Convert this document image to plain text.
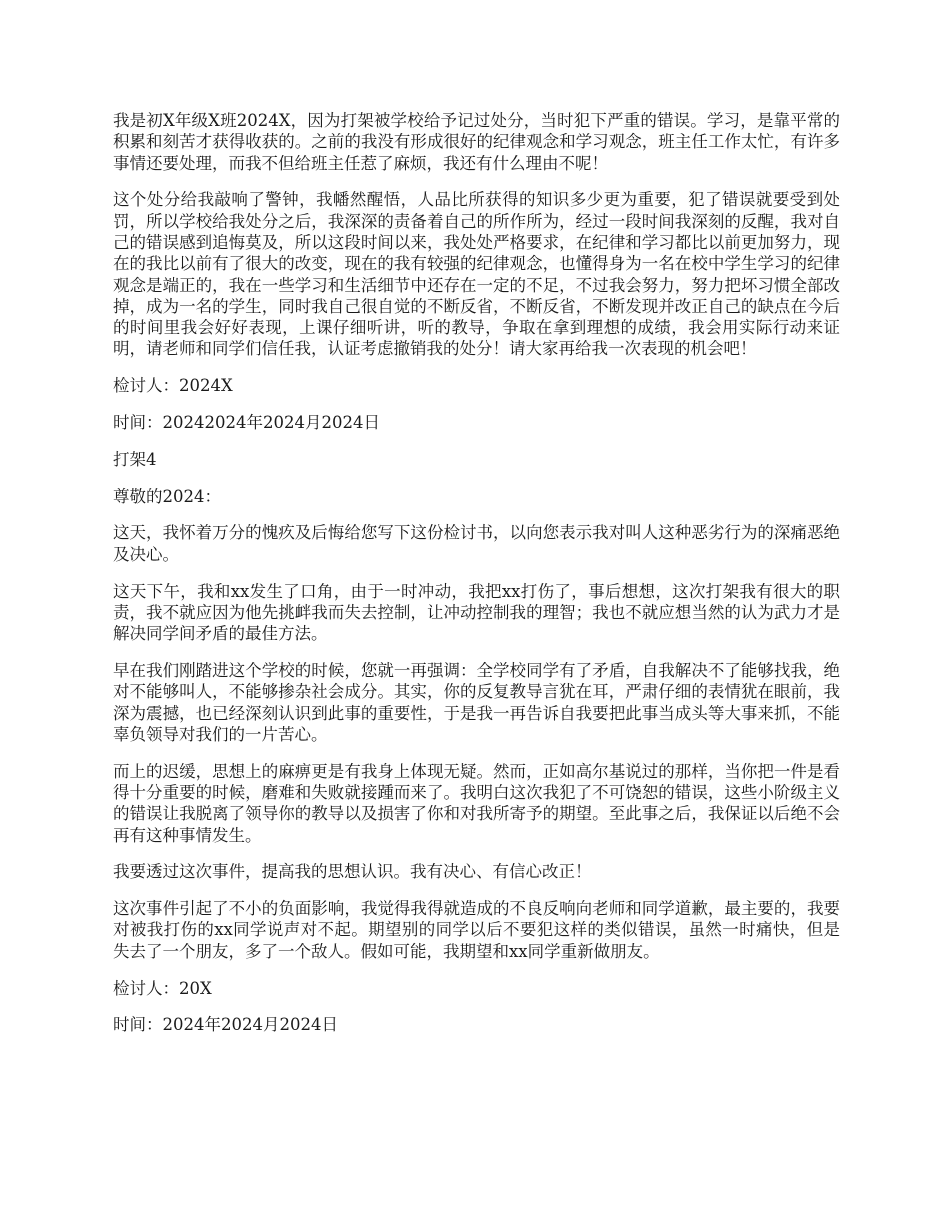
我是初X年级X班2024X，因为打架被学校给予记过处分，当时犯下严重的错误。学习，是靠平常的积累和刻苦才获得收获的。之前的我没有形成很好的纪律观念和学习观念，班主任工作太忙，有许多事情还要处理，而我不但给班主任惹了麻烦，我还有什么理由不呢！

这个处分给我敲响了警钟，我幡然醒悟，人品比所获得的知识多少更为重要，犯了错误就要受到处罚，所以学校给我处分之后，我深深的责备着自己的所作所为，经过一段时间我深刻的反醒，我对自己的错误感到追悔莫及，所以这段时间以来，我处处严格要求，在纪律和学习都比以前更加努力，现在的我比以前有了很大的改变，现在的我有较强的纪律观念，也懂得身为一名在校中学生学习的纪律观念是端正的，我在一些学习和生活细节中还存在一定的不足，不过我会努力，努力把坏习惯全部改掉，成为一名的学生，同时我自己很自觉的不断反省，不断反省，不断发现并改正自己的缺点在今后的时间里我会好好表现，上课仔细听讲，听的教导，争取在拿到理想的成绩，我会用实际行动来证明，请老师和同学们信任我，认证考虑撤销我的处分！请大家再给我一次表现的机会吧！

检讨人：2024X

时间：20242024年2024月2024日

打架4

尊敬的2024：

这天，我怀着万分的愧疚及后悔给您写下这份检讨书，以向您表示我对叫人这种恶劣行为的深痛恶绝及决心。

这天下午，我和xx发生了口角，由于一时冲动，我把xx打伤了，事后想想，这次打架我有很大的职责，我不就应因为他先挑衅我而失去控制，让冲动控制我的理智；我也不就应想当然的认为武力才是解决同学间矛盾的最佳方法。

早在我们刚踏进这个学校的时候，您就一再强调：全学校同学有了矛盾，自我解决不了能够找我，绝对不能够叫人，不能够掺杂社会成分。其实，你的反复教导言犹在耳，严肃仔细的表情犹在眼前，我深为震撼，也已经深刻认识到此事的重要性，于是我一再告诉自我要把此事当成头等大事来抓，不能辜负领导对我们的一片苦心。

而上的迟缓，思想上的麻痹更是有我身上体现无疑。然而，正如高尔基说过的那样，当你把一件是看得十分重要的时候，磨难和失败就接踵而来了。我明白这次我犯了不可饶恕的错误，这些小阶级主义的错误让我脱离了领导你的教导以及损害了你和对我所寄予的期望。至此事之后，我保证以后绝不会再有这种事情发生。

我要透过这次事件，提高我的思想认识。我有决心、有信心改正！

这次事件引起了不小的负面影响，我觉得我得就造成的不良反响向老师和同学道歉，最主要的，我要对被我打伤的xx同学说声对不起。期望别的同学以后不要犯这样的类似错误，虽然一时痛快，但是失去了一个朋友，多了一个敌人。假如可能，我期望和xx同学重新做朋友。

检讨人：20X

时间：2024年2024月2024日
